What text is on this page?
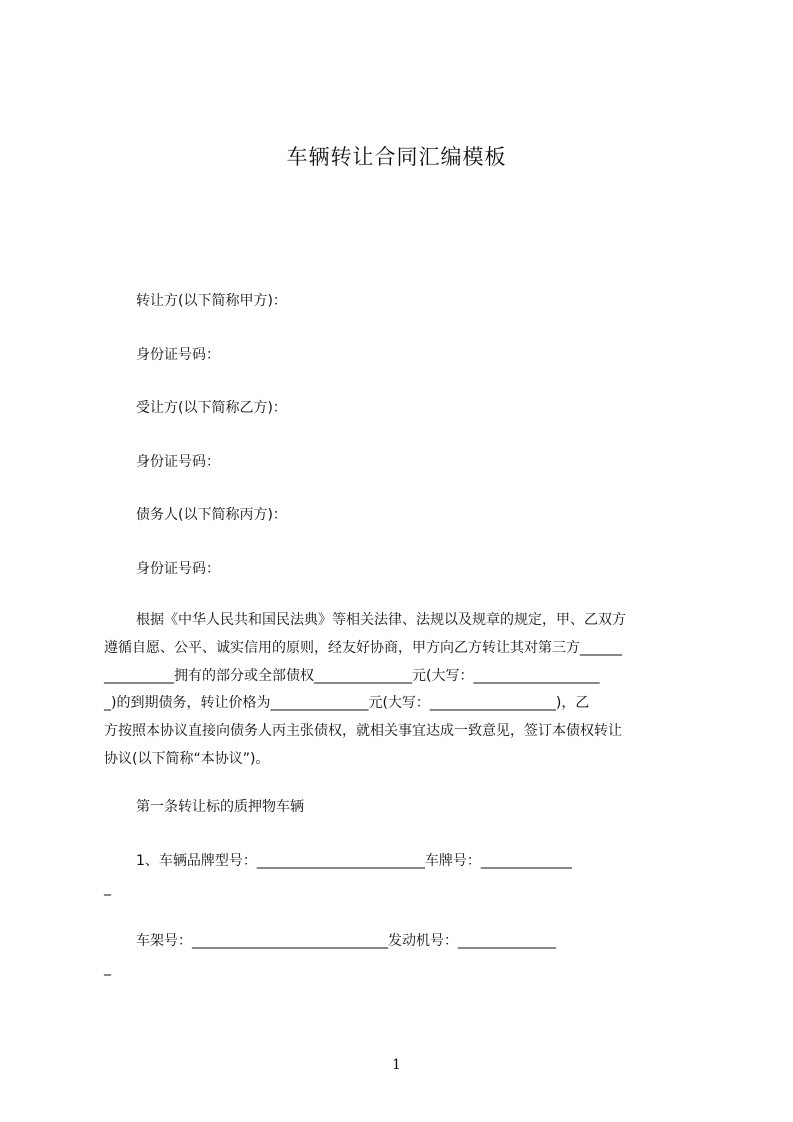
车辆转让合同汇编模板
转让方(以下简称甲方)：
身份证号码：
受让方(以下简称乙方)：
身份证号码：
债务人(以下简称丙方)：
身份证号码：
根据《中华人民共和国民法典》等相关法律、法规以及规章的规定，甲、乙双方
遵循自愿、公平、诚实信用的原则，经友好协商，甲方向乙方转让其对第三方______
__________拥有的部分或全部债权______________元(大写：__________________
_)的到期债务，转让价格为______________元(大写：__________________)，乙
方按照本协议直接向债务人丙主张债权，就相关事宜达成一致意见，签订本债权转让
协议(以下简称“本协议”)。
第一条转让标的质押物车辆
1、车辆品牌型号：________________________车牌号：_____________
_
车架号：____________________________发动机号：______________
_
1
